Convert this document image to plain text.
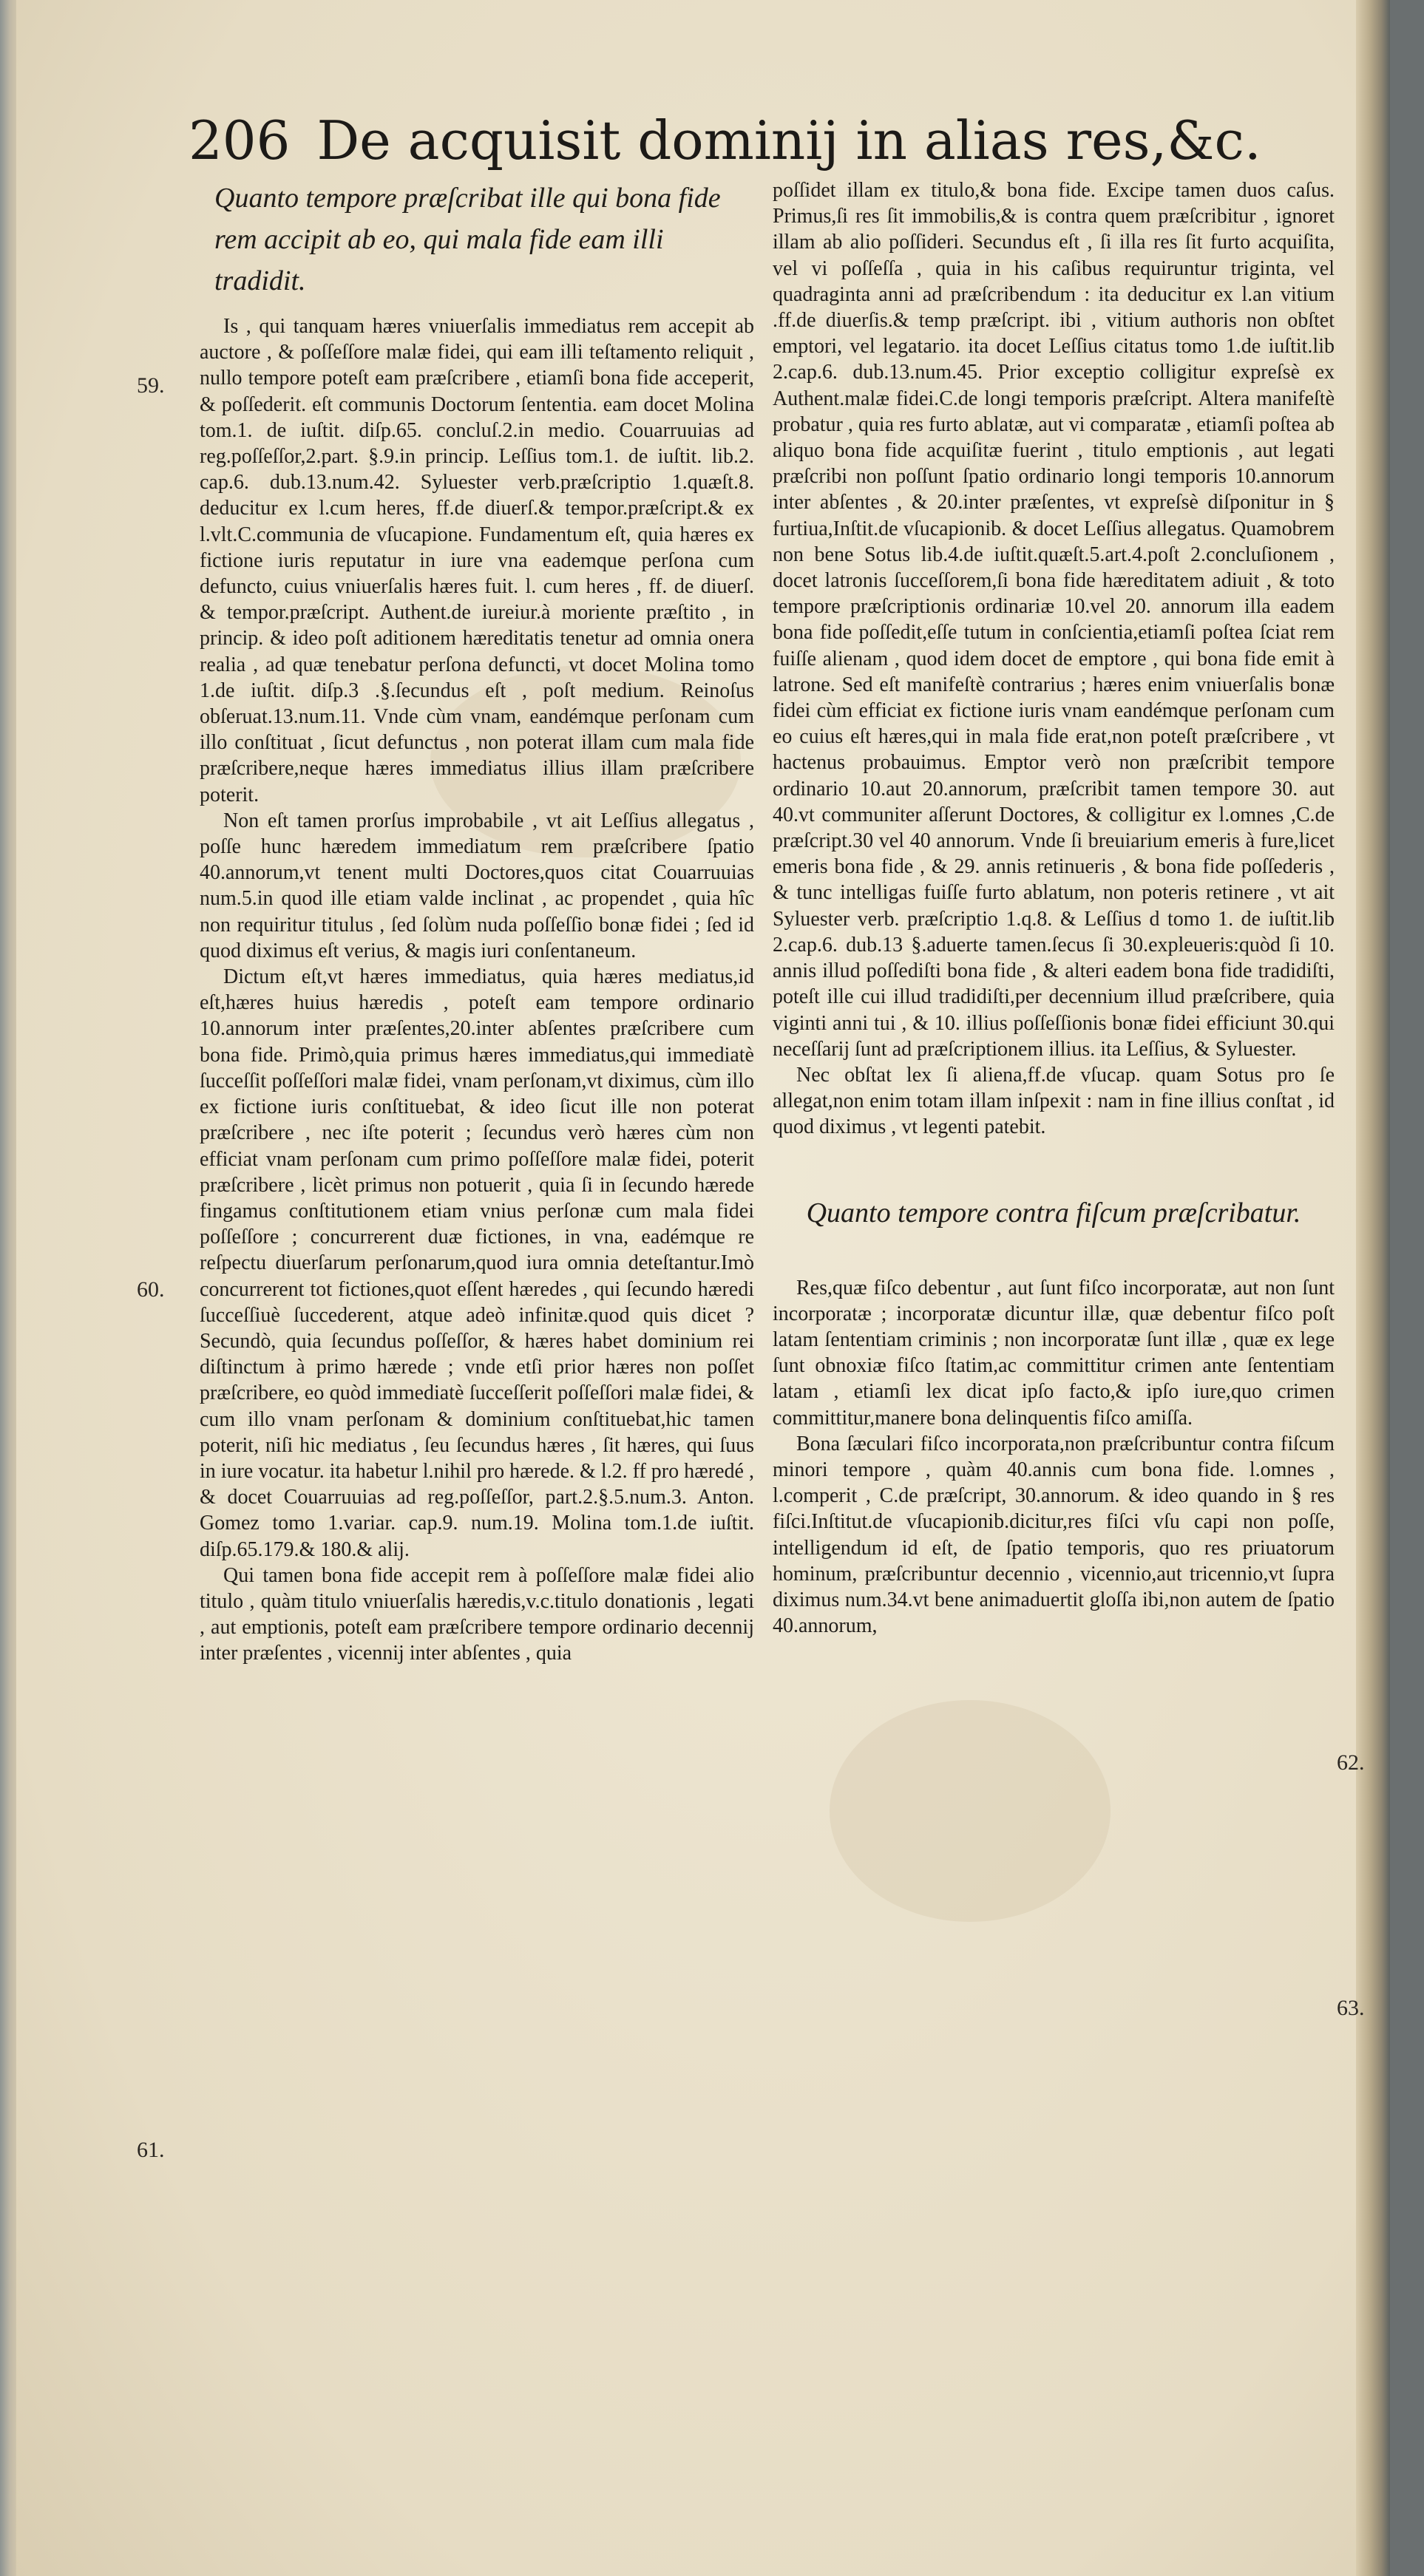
206 De acquisit dominij in alias res,&c.
59.
60.
61.
62.
63.

Quanto tempore præſcribat ille qui bona fide rem accipit ab eo, qui mala fide eam illi tradidit.

Is , qui tanquam hæres vniuerſalis immediatus rem accepit ab auctore , & poſſeſſore malæ fidei, qui eam illi teſtamento reliquit , nullo tempore poteſt eam præſcribere , etiamſi bona fide acceperit, & poſſederit. eſt communis Doctorum ſententia. eam docet Molina tom.1. de iuſtit. diſp.65. concluſ.2.in medio. Couarruuias ad reg.poſſeſſor,2.part. §.9.in princip. Leſſius tom.1. de iuſtit. lib.2. cap.6. dub.13.num.42. Syluester verb.præſcriptio 1.quæſt.8. deducitur ex l.cum heres, ff.de diuerſ.& tempor.præſcript.& ex l.vlt.C.communia de vſucapione. Fundamentum eſt, quia hæres ex fictione iuris reputatur in iure vna eademque perſona cum defuncto, cuius vniuerſalis hæres fuit. l. cum heres , ff. de diuerſ. & tempor.præſcript. Authent.de iureiur.à moriente præſtito , in princip. & ideo poſt aditionem hæreditatis tenetur ad omnia onera realia , ad quæ tenebatur perſona defuncti, vt docet Molina tomo 1.de iuſtit. diſp.3 .§.ſecundus eſt , poſt medium. Reinoſus obſeruat.13.num.11. Vnde cùm vnam, eandémque perſonam cum illo conſtituat , ſicut defunctus , non poterat illam cum mala fide præſcribere,neque hæres immediatus illius illam præſcribere poterit.

Non eſt tamen prorſus improbabile , vt ait Leſſius allegatus , poſſe hunc hæredem immediatum rem præſcribere ſpatio 40.annorum,vt tenent multi Doctores,quos citat Couarruuias num.5.in quod ille etiam valde inclinat , ac propendet , quia hîc non requiritur titulus , ſed ſolùm nuda poſſeſſio bonæ fidei ; ſed id quod diximus eſt verius, & magis iuri conſentaneum.

Dictum eſt,vt hæres immediatus, quia hæres mediatus,id eſt,hæres huius hæredis , poteſt eam tempore ordinario 10.annorum inter præſentes,20.inter abſentes præſcribere cum bona fide. Primò,quia primus hæres immediatus,qui immediatè ſucceſſit poſſeſſori malæ fidei, vnam perſonam,vt diximus, cùm illo ex fictione iuris conſtituebat, & ideo ſicut ille non poterat præſcribere , nec iſte poterit ; ſecundus verò hæres cùm non efficiat vnam perſonam cum primo poſſeſſore malæ fidei, poterit præſcribere , licèt primus non potuerit , quia ſi in ſecundo hærede fingamus conſtitutionem etiam vnius perſonæ cum mala fidei poſſeſſore ; concurrerent duæ fictiones, in vna, eadémque re reſpectu diuerſarum perſonarum,quod iura omnia deteſtantur.Imò concurrerent tot fictiones,quot eſſent hæredes , qui ſecundo hæredi ſucceſſiuè ſuccederent, atque adeò infinitæ.quod quis dicet ? Secundò, quia ſecundus poſſeſſor, & hæres habet dominium rei diſtinctum à primo hærede ; vnde etſi prior hæres non poſſet præſcribere, eo quòd immediatè ſucceſſerit poſſeſſori malæ fidei, & cum illo vnam perſonam & dominium conſtituebat,hic tamen poterit, niſi hic mediatus , ſeu ſecundus hæres , ſit hæres, qui ſuus in iure vocatur. ita habetur l.nihil pro hærede. & l.2. ff pro hæredé , & docet Couarruuias ad reg.poſſeſſor, part.2.§.5.num.3. Anton. Gomez tomo 1.variar. cap.9. num.19. Molina tom.1.de iuſtit. diſp.65.179.& 180.& alij.

Qui tamen bona fide accepit rem à poſſeſſore malæ fidei alio titulo , quàm titulo vniuerſalis hæredis,v.c.titulo donationis , legati , aut emptionis, poteſt eam præſcribere tempore ordinario decennij inter præſentes , vicennij inter abſentes , quia

poſſidet illam ex titulo,& bona fide. Excipe tamen duos caſus. Primus,ſi res ſit immobilis,& is contra quem præſcribitur , ignoret illam ab alio poſſideri. Secundus eſt , ſi illa res ſit furto acquiſita, vel vi poſſeſſa , quia in his caſibus requiruntur triginta, vel quadraginta anni ad præſcribendum : ita deducitur ex l.an vitium .ff.de diuerſis.& temp præſcript. ibi , vitium authoris non obſtet emptori, vel legatario. ita docet Leſſius citatus tomo 1.de iuſtit.lib 2.cap.6. dub.13.num.45. Prior exceptio colligitur expreſsè ex Authent.malæ fidei.C.de longi temporis præſcript. Altera manifeſtè probatur , quia res furto ablatæ, aut vi comparatæ , etiamſi poſtea ab aliquo bona fide acquiſitæ fuerint , titulo emptionis , aut legati præſcribi non poſſunt ſpatio ordinario longi temporis 10.annorum inter abſentes , & 20.inter præſentes, vt expreſsè diſponitur in § furtiua,Inſtit.de vſucapionib. & docet Leſſius allegatus. Quamobrem non bene Sotus lib.4.de iuſtit.quæſt.5.art.4.poſt 2.concluſionem , docet latronis ſucceſſorem,ſi bona fide hæreditatem adiuit , & toto tempore præſcriptionis ordinariæ 10.vel 20. annorum illa eadem bona fide poſſedit,eſſe tutum in conſcientia,etiamſi poſtea ſciat rem fuiſſe alienam , quod idem docet de emptore , qui bona fide emit à latrone. Sed eſt manifeſtè contrarius ; hæres enim vniuerſalis bonæ fidei cùm efficiat ex fictione iuris vnam eandémque perſonam cum eo cuius eſt hæres,qui in mala fide erat,non poteſt præſcribere , vt hactenus probauimus. Emptor verò non præſcribit tempore ordinario 10.aut 20.annorum, præſcribit tamen tempore 30. aut 40.vt communiter aſſerunt Doctores, & colligitur ex l.omnes ,C.de præſcript.30 vel 40 annorum. Vnde ſi breuiarium emeris à fure,licet emeris bona fide , & 29. annis retinueris , & bona fide poſſederis , & tunc intelligas fuiſſe furto ablatum, non poteris retinere , vt ait Syluester verb. præſcriptio 1.q.8. & Leſſius d tomo 1. de iuſtit.lib 2.cap.6. dub.13 §.aduerte tamen.ſecus ſi 30.expleueris:quòd ſi 10. annis illud poſſediſti bona fide , & alteri eadem bona fide tradidiſti, poteſt ille cui illud tradidiſti,per decennium illud præſcribere, quia viginti anni tui , & 10. illius poſſeſſionis bonæ fidei efficiunt 30.qui neceſſarij ſunt ad præſcriptionem illius. ita Leſſius, & Syluester.

Nec obſtat lex ſi aliena,ff.de vſucap. quam Sotus pro ſe allegat,non enim totam illam inſpexit : nam in fine illius conſtat , id quod diximus , vt legenti patebit.

Quanto tempore contra fiſcum præſcribatur.

Res,quæ fiſco debentur , aut ſunt fiſco incorporatæ, aut non ſunt incorporatæ ; incorporatæ dicuntur illæ, quæ debentur fiſco poſt latam ſententiam criminis ; non incorporatæ ſunt illæ , quæ ex lege ſunt obnoxiæ fiſco ſtatim,ac committitur crimen ante ſententiam latam , etiamſi lex dicat ipſo facto,& ipſo iure,quo crimen committitur,manere bona delinquentis fiſco amiſſa.

Bona ſæculari fiſco incorporata,non præſcribuntur contra fiſcum minori tempore , quàm 40.annis cum bona fide. l.omnes , l.comperit , C.de præſcript, 30.annorum. & ideo quando in § res fiſci.Inſtitut.de vſucapionib.dicitur,res fiſci vſu capi non poſſe, intelligendum id eſt, de ſpatio temporis, quo res priuatorum hominum, præſcribuntur decennio , vicennio,aut tricennio,vt ſupra diximus num.34.vt bene animaduertit gloſſa ibi,non autem de ſpatio 40.annorum,
